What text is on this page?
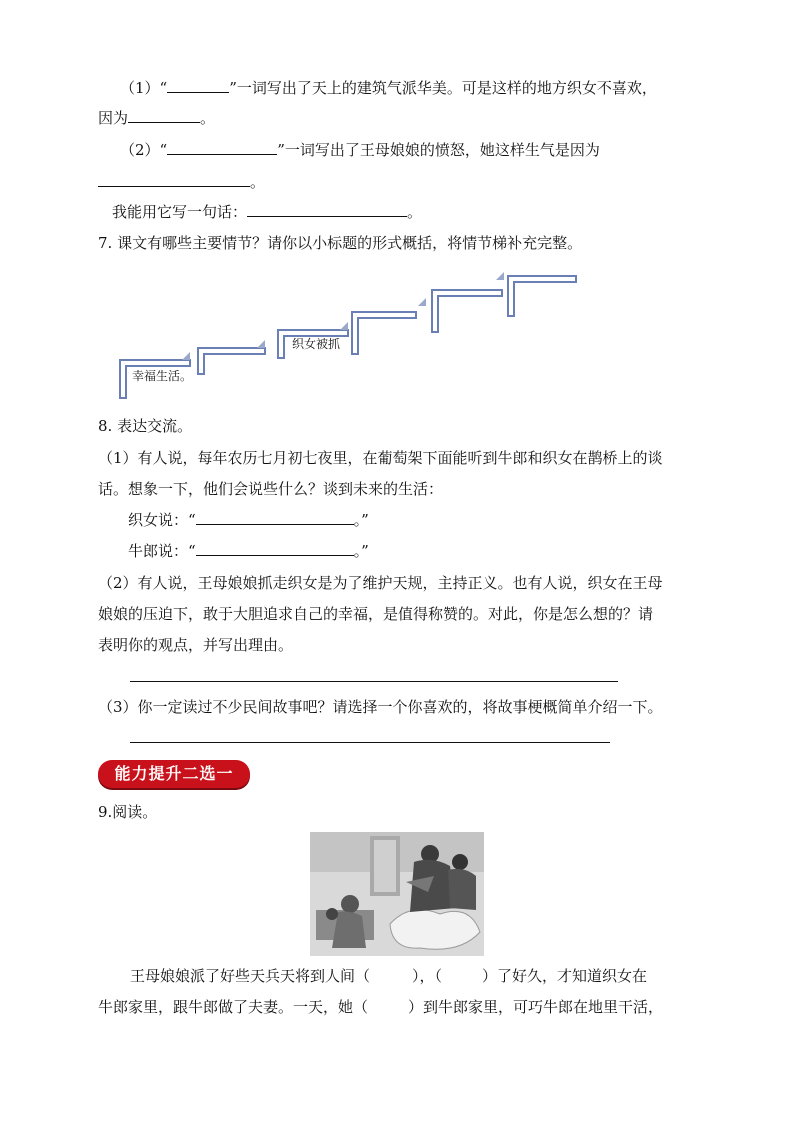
（1）“	”一词写出了天上的建筑气派华美。可是这样的地方织女不喜欢，
因为	。
（2）“	”一词写出了王母娘娘的愤怒，她这样生气是因为
。
我能用它写一句话：	。
7. 课文有哪些主要情节？请你以小标题的形式概括，将情节梯补充完整。
幸福生活。
织女被抓
8. 表达交流。
（1）有人说，每年农历七月初七夜里，在葡萄架下面能听到牛郎和织女在鹊桥上的谈
话。想象一下，他们会说些什么？谈到未来的生活：
织女说：“	。”
牛郎说：“	。”
（2）有人说，王母娘娘抓走织女是为了维护天规，主持正义。也有人说，织女在王母
娘娘的压迫下，敢于大胆追求自己的幸福，是值得称赞的。对此，你是怎么想的？请
表明你的观点，并写出理由。
（3）你一定读过不少民间故事吧？请选择一个你喜欢的，将故事梗概简单介绍一下。
能力提升二选一
9.阅读。
王母娘娘派了好些天兵天将到人间（	），（	）了好久，才知道织女在
牛郎家里，跟牛郎做了夫妻。一天，她（	）到牛郎家里，可巧牛郎在地里干活，
